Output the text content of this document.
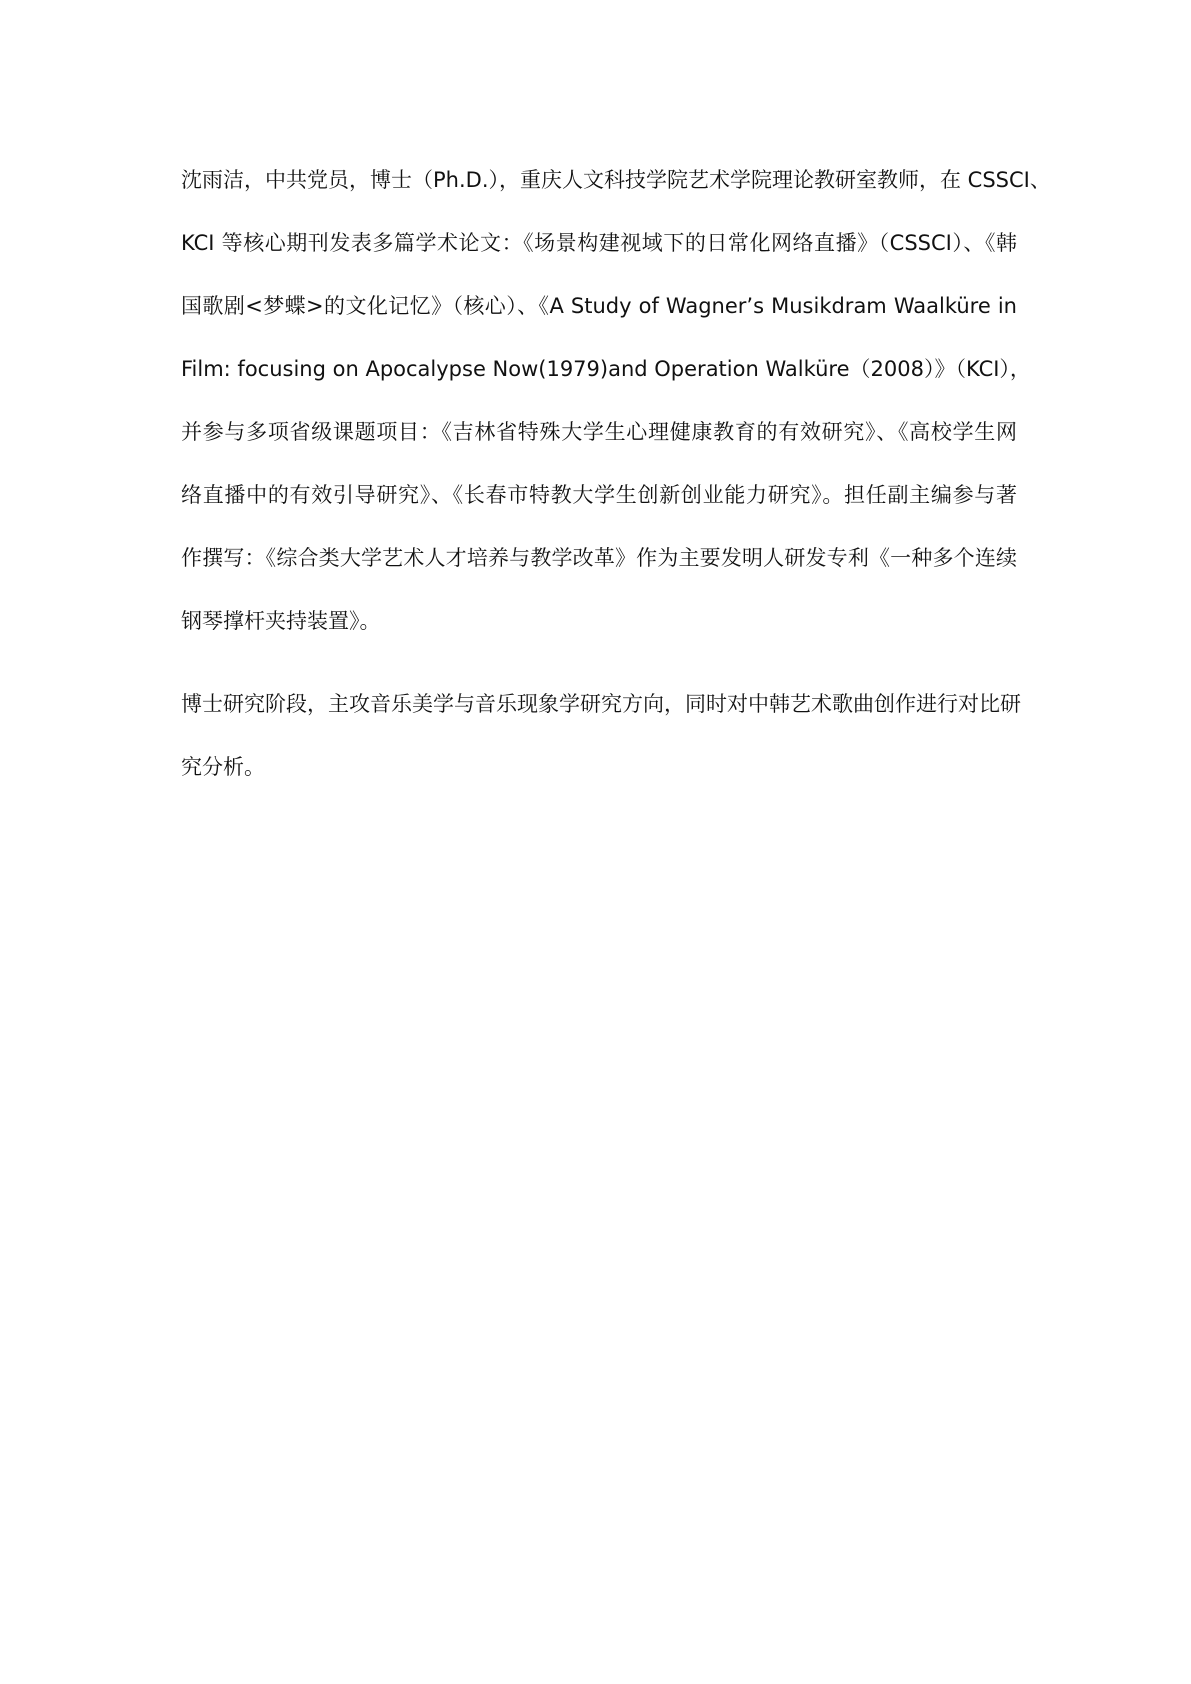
沈雨洁，中共党员，博士（Ph.D.），重庆人文科技学院艺术学院理论教研室教师，在 CSSCI、
KCI 等核心期刊发表多篇学术论文：《场景构建视域下的日常化网络直播》（CSSCI）、《韩
国歌剧<梦蝶>的文化记忆》（核心）、《A Study of Wagner’s Musikdram Waalküre in
Film: focusing on Apocalypse Now(1979)and Operation Walküre（2008）》（KCI），
并参与多项省级课题项目：《吉林省特殊大学生心理健康教育的有效研究》、《高校学生网
络直播中的有效引导研究》、《长春市特教大学生创新创业能力研究》。担任副主编参与著
作撰写：《综合类大学艺术人才培养与教学改革》作为主要发明人研发专利《一种多个连续
钢琴撑杆夹持装置》。
博士研究阶段，主攻音乐美学与音乐现象学研究方向，同时对中韩艺术歌曲创作进行对比研
究分析。
